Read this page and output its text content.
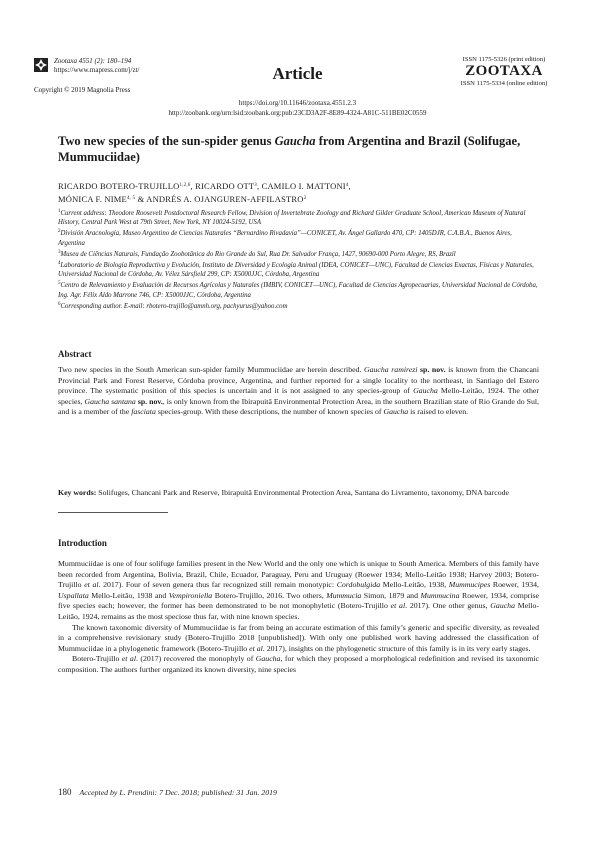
Zootaxa 4551 (2): 180–194
https://www.mapress.com/j/zt/
Copyright © 2019 Magnolia Press
Article
ISSN 1175-5326 (print edition)
ZOOTAXA
ISSN 1175-5334 (online edition)
https://doi.org/10.11646/zootaxa.4551.2.3
http://zoobank.org/urn:lsid:zoobank.org:pub:23CD3A2F-8E89-4324-A81C-511BE02C0559
Two new species of the sun-spider genus Gaucha from Argentina and Brazil (Solifugae, Mummuciidae)
RICARDO BOTERO-TRUJILLO$^{1,2,6}$, RICARDO OTT$^3$, CAMILO I. MATTONI$^4$,
MÓNICA F. NIME$^{4, 5}$ & ANDRÉS A. OJANGUREN-AFFILASTRO$^2$

$^1$Current address: Theodore Roosevelt Postdoctoral Research Fellow, Division of Invertebrate Zoology and Richard Gilder Graduate School, American Museum of Natural History, Central Park West at 79th Street, New York, NY 10024-5192, USA

$^2$División Aracnología, Museo Argentino de Ciencias Naturales “Bernardino Rivadavia”—CONICET, Av. Ángel Gallardo 470, CP: 1405DJR, C.A.B.A., Buenos Aires, Argentina

$^3$Museu de Ciências Naturais, Fundação Zoobotânica do Rio Grande do Sul, Rua Dr. Salvador França, 1427, 90690-000 Porto Alegre, RS, Brazil

$^4$Laboratorio de Biología Reproductiva y Evolución, Instituto de Diversidad y Ecología Animal (IDEA, CONICET—UNC), Facultad de Ciencias Exactas, Físicas y Naturales, Universidad Nacional de Córdoba, Av. Vélez Sársfield 299, CP: X5000JJC, Córdoba, Argentina

$^5$Centro de Relevamiento y Evaluación de Recursos Agrícolas y Naturales (IMBIV, CONICET—UNC), Facultad de Ciencias Agropecuarias, Universidad Nacional de Córdoba, Ing. Agr. Félix Aldo Marrone 746, CP: X5000JJC, Córdoba, Argentina

$^6$Corresponding author. E-mail: rbotero-trujillo@amnh.org, pachyurus@yahoo.com

Abstract
Two new species in the South American sun-spider family Mummuciidae are herein described. Gaucha ramirezi sp. nov. is known from the Chancani Provincial Park and Forest Reserve, Córdoba province, Argentina, and further reported for a single locality to the northeast, in Santiago del Estero province. The systematic position of this species is uncertain and it is not assigned to any species-group of Gaucha Mello-Leitão, 1924. The other species, Gaucha santana sp. nov., is only known from the Ibirapuitã Environmental Protection Area, in the southern Brazilian state of Rio Grande do Sul, and is a member of the fasciata species-group. With these descriptions, the number of known species of Gaucha is raised to eleven.
Key words: Solifuges, Chancani Park and Reserve, Ibirapuitã Environmental Protection Area, Santana do Livramento, taxonomy, DNA barcode
Introduction

Mummuciidae is one of four solifuge families present in the New World and the only one which is unique to South America. Members of this family have been recorded from Argentina, Bolivia, Brazil, Chile, Ecuador, Paraguay, Peru and Uruguay (Roewer 1934; Mello-Leitão 1938; Harvey 2003; Botero-Trujillo et al. 2017). Four of seven genera thus far recognized still remain monotypic: Cordobulgida Mello-Leitão, 1938, Mummucipes Roewer, 1934, Uspallata Mello-Leitão, 1938 and Vempironiella Botero-Trujillo, 2016. Two others, Mummucia Simon, 1879 and Mummucina Roewer, 1934, comprise five species each; however, the former has been demonstrated to be not monophyletic (Botero-Trujillo et al. 2017). One other genus, Gaucha Mello-Leitão, 1924, remains as the most speciose thus far, with nine known species.

The known taxonomic diversity of Mummuciidae is far from being an accurate estimation of this family’s generic and specific diversity, as revealed in a comprehensive revisionary study (Botero-Trujillo 2018 [unpublished]). With only one published work having addressed the classification of Mummuciidae in a phylogenetic framework (Botero-Trujillo et al. 2017), insights on the phylogenetic structure of this family is in its very early stages.

Botero-Trujillo et al. (2017) recovered the monophyly of Gaucha, for which they proposed a morphological redefinition and revised its taxonomic composition. The authors further organized its known diversity, nine species

180 Accepted by L. Prendini: 7 Dec. 2018; published: 31 Jan. 2019
